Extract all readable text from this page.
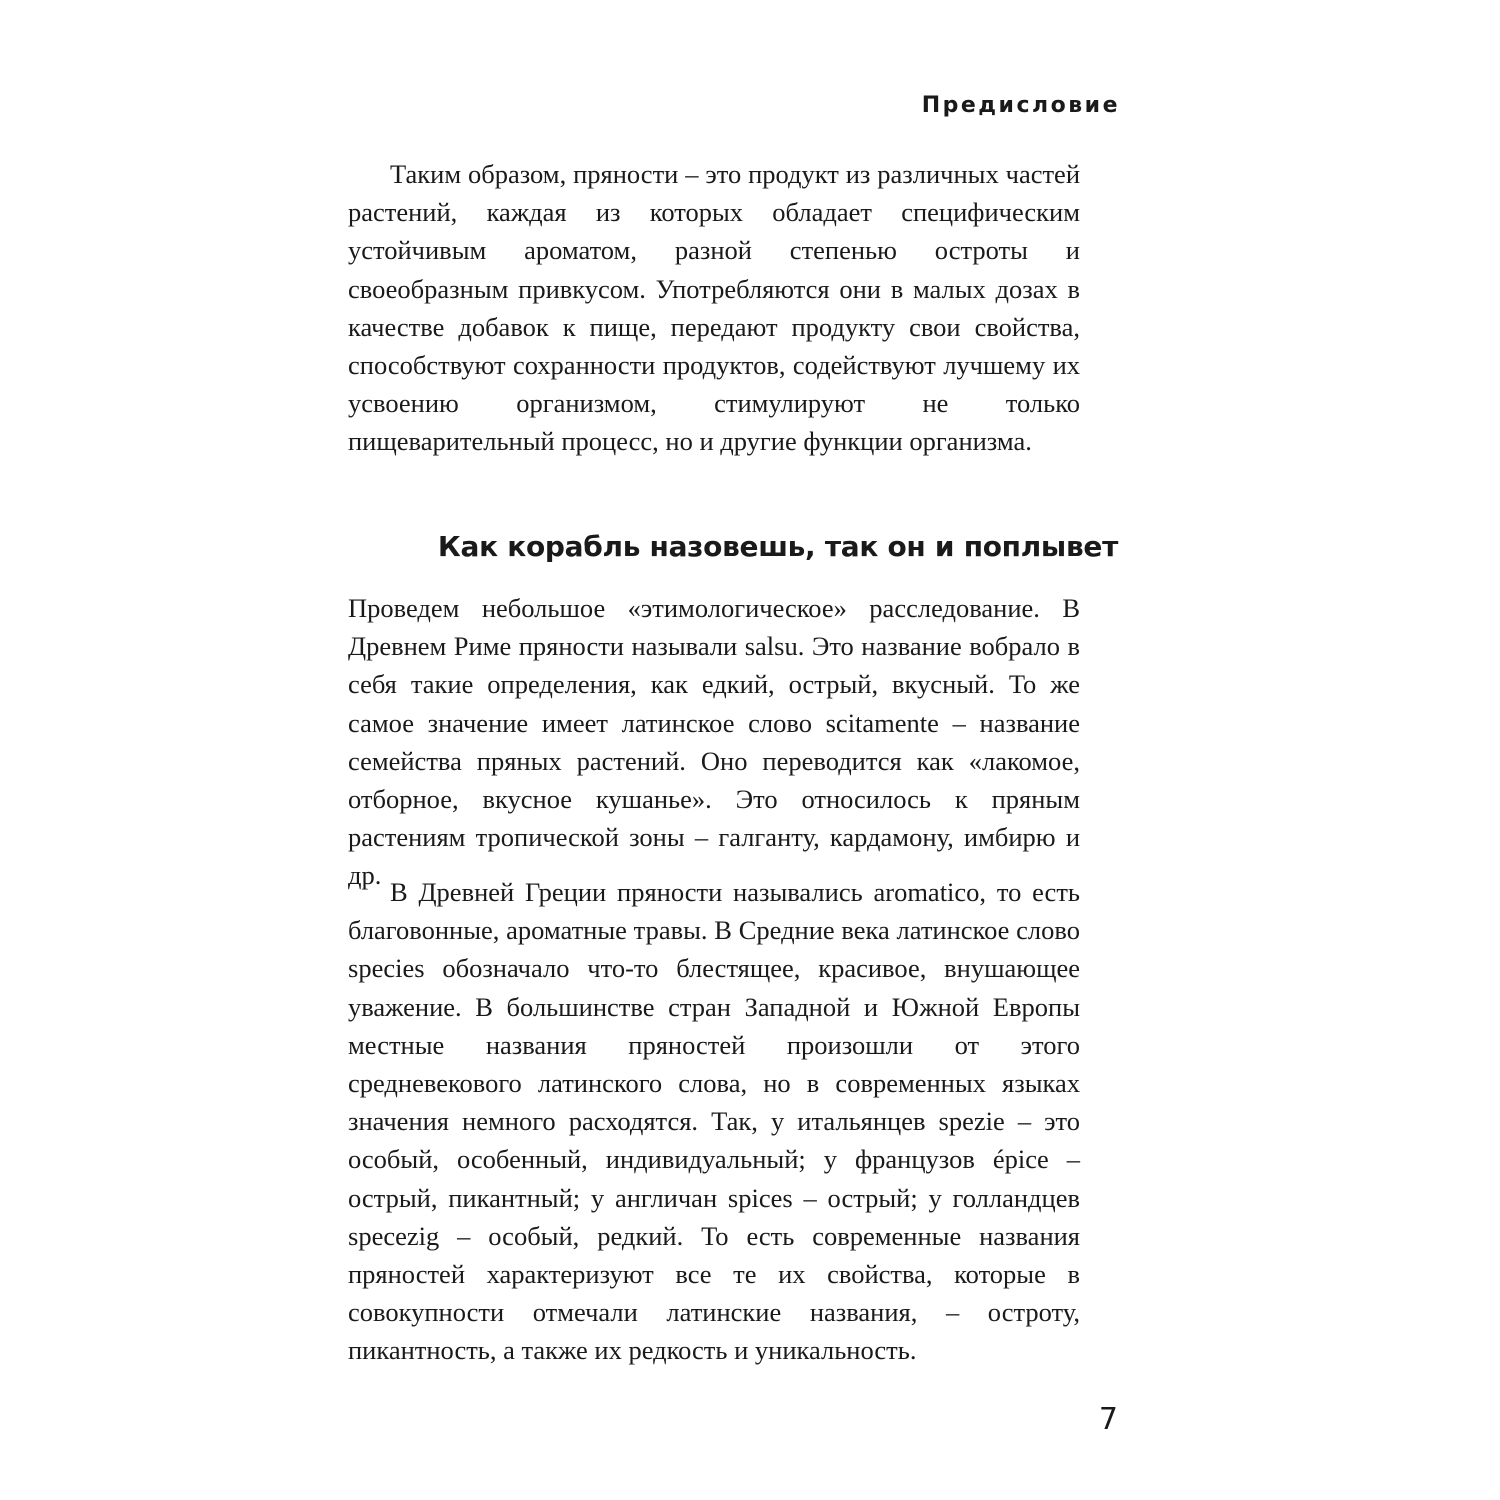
Предисловие

Таким образом, пряности – это продукт из различных частей растений, каждая из которых обладает специфическим устойчивым ароматом, разной степенью остроты и своеобразным привкусом. Употребляются они в малых дозах в качестве добавок к пище, передают продукту свои свойства, способствуют сохранности продуктов, содействуют лучшему их усвоению организмом, стимулируют не только пищеварительный процесс, но и другие функции организма.

Как корабль назовешь, так он и поплывет

Проведем небольшое «этимологическое» расследование. В Древнем Риме пряности называли salsu. Это название вобрало в себя такие определения, как едкий, острый, вкусный. То же самое значение имеет латинское слово scitamente – название семейства пряных растений. Оно переводится как «лакомое, отборное, вкусное кушанье». Это относилось к пряным растениям тропической зоны – галганту, кардамону, имбирю и др.

В Древней Греции пряности назывались aromatico, то есть благовонные, ароматные травы. В Средние века латинское слово species обозначало что-то блестящее, красивое, внушающее уважение. В большинстве стран Западной и Южной Европы местные названия пряностей произошли от этого средневекового латинского слова, но в современных языках значения немного расходятся. Так, у итальянцев spezie – это особый, особенный, индивидуальный; у французов épice – острый, пикантный; у англичан spices – острый; у голландцев specezig – особый, редкий. То есть современные названия пряностей характеризуют все те их свойства, которые в совокупности отмечали латинские названия, – остроту, пикантность, а также их редкость и уникальность.

7
